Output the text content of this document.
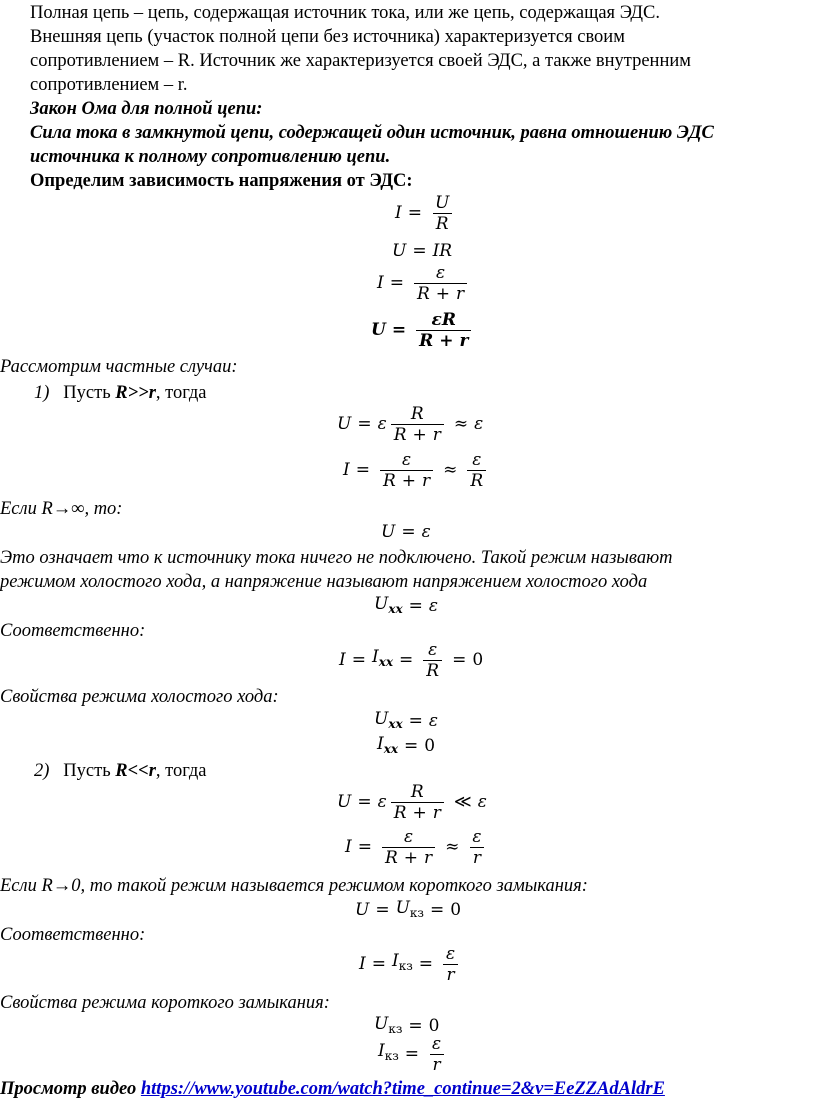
Полная цепь – цепь, содержащая источник тока, или же цепь, содержащая ЭДС.
Внешняя цепь (участок полной цепи без источника) характеризуется своим
сопротивлением – R. Источник же характеризуется своей ЭДС, а также внутренним
сопротивлением – r.
Закон Ома для полной цепи:
Сила тока в замкнутой цепи, содержащей один источник, равна отношению ЭДС
источника к полному сопротивлению цепи.
Определим зависимость напряжения от ЭДС:
$I = \frac{U}{R}$
U = IR
$I = \frac{\varepsilon}{R + r}$
$U = \frac{\varepsilon R}{R + r}$
Рассмотрим частные случаи:
1) Пусть R>>r, тогда
U = ε $\frac{R}{R + r} \approx \varepsilon$
$I = \frac{\varepsilon}{R + r} \approx \frac{\varepsilon}{R}$
Если R→∞, то:
U = ε
Это означает что к источнику тока ничего не подключено. Такой режим называют
режимом холостого хода, а напряжение называют напряжением холостого хода
$U_{xx} = \varepsilon$
Соответственно:
$I = I_{xx} = \frac{\varepsilon}{R} = 0$
Свойства режима холостого хода:
$U_{xx} = \varepsilon$
$I_{xx} = 0$
2) Пусть R<<r, тогда
U = ε $\frac{R}{R + r}$ ≪ ε
$I = \frac{\varepsilon}{R + r} \approx \frac{\varepsilon}{r}$
Если R→0, то такой режим называется режимом короткого замыкания:
$U = U_{кз} = 0$
Соответственно:
$I = I_{кз} = \frac{\varepsilon}{r}$
Свойства режима короткого замыкания:
$U_{кз} = 0$
$I_{кз} = \frac{\varepsilon}{r}$
Просмотр видео https://www.youtube.com/watch?time_continue=2&v=EeZZAdAldrE
